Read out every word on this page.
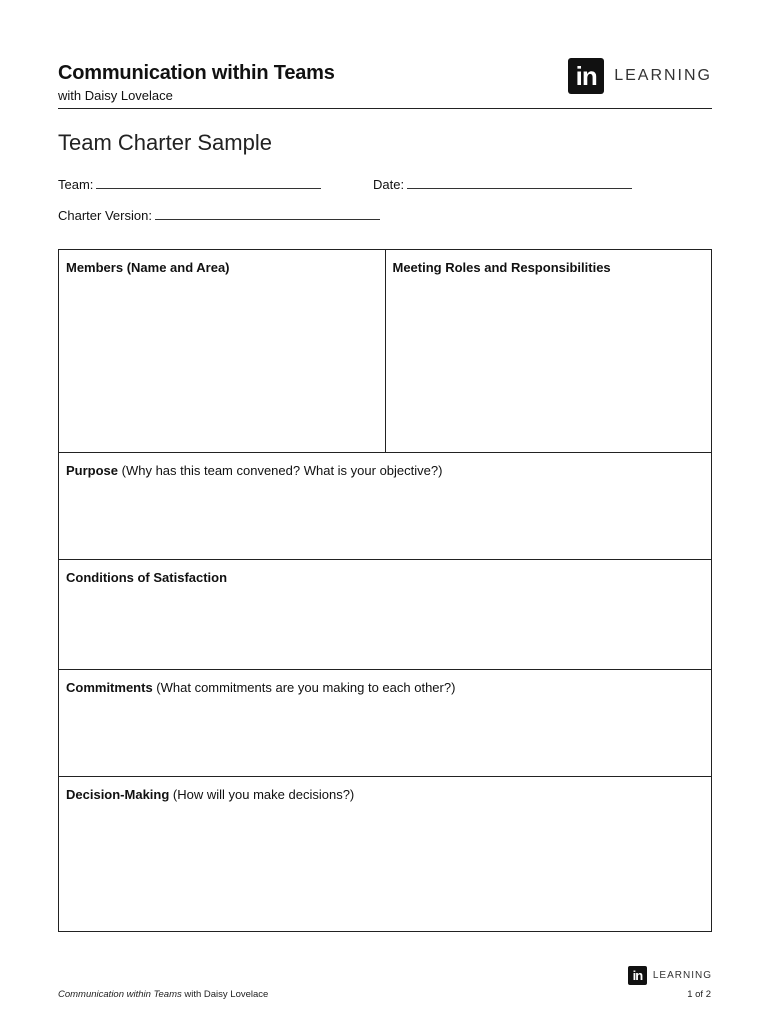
Communication within Teams
with Daisy Lovelace
in	LEARNING
Team Charter Sample
Team:	Date:
Charter Version:
Members (Name and Area)	Meeting Roles and Responsibilities
Purpose (Why has this team convened? What is your objective?)
Conditions of Satisfaction
Commitments (What commitments are you making to each other?)
Decision-Making (How will you make decisions?)
in	LEARNING
Communication within Teams with Daisy Lovelace	1 of 2
